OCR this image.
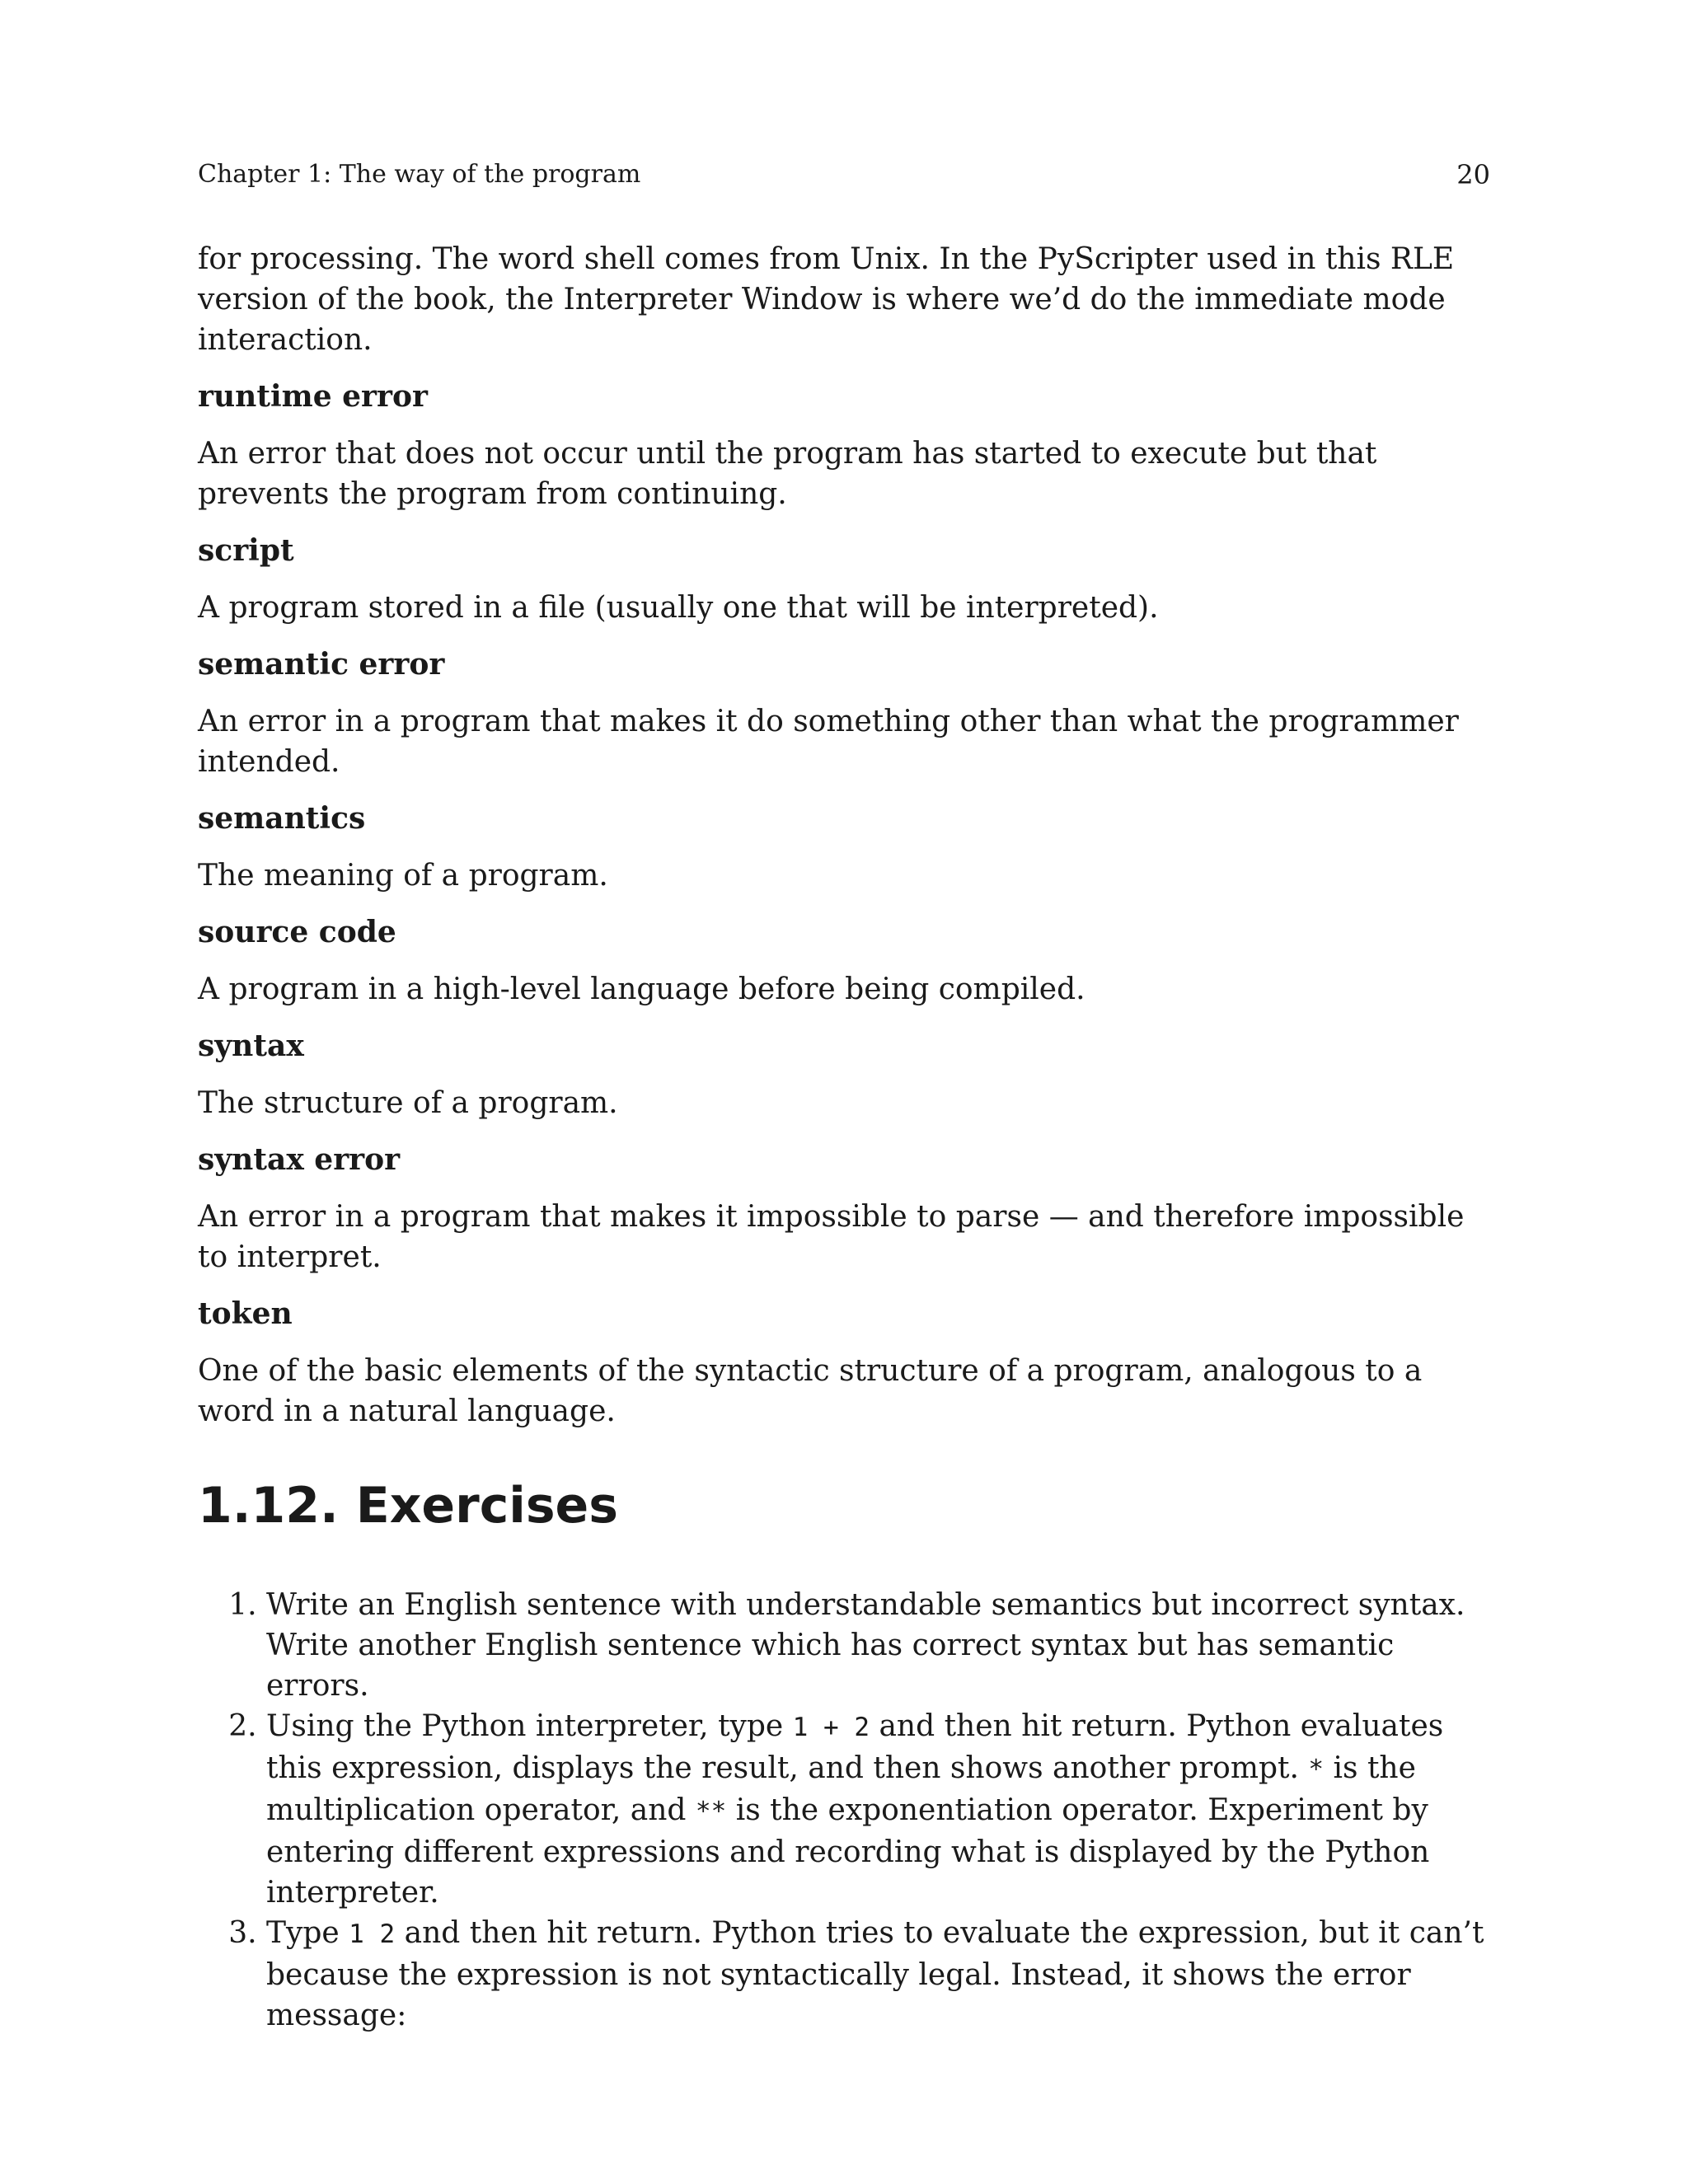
Chapter 1: The way of the program	20

for processing. The word shell comes from Unix. In the PyScripter used in this RLE version of the book, the Interpreter Window is where we’d do the immediate mode interaction.

runtime error

An error that does not occur until the program has started to execute but that prevents the program from continuing.

script

A program stored in a file (usually one that will be interpreted).

semantic error

An error in a program that makes it do something other than what the programmer intended.

semantics

The meaning of a program.

source code

A program in a high-level language before being compiled.

syntax

The structure of a program.

syntax error

An error in a program that makes it impossible to parse — and therefore impossible to interpret.

token

One of the basic elements of the syntactic structure of a program, analogous to a word in a natural language.

1.12. Exercises
1. Write an English sentence with understandable semantics but incorrect syntax. Write another English sentence which has correct syntax but has semantic errors.
2. Using the Python interpreter, type 1 + 2 and then hit return. Python evaluates this expression, displays the result, and then shows another prompt. * is the multiplication operator, and ** is the exponentiation operator. Experiment by entering different expressions and recording what is displayed by the Python interpreter.
3. Type 1 2 and then hit return. Python tries to evaluate the expression, but it can’t because the expression is not syntactically legal. Instead, it shows the error message:
